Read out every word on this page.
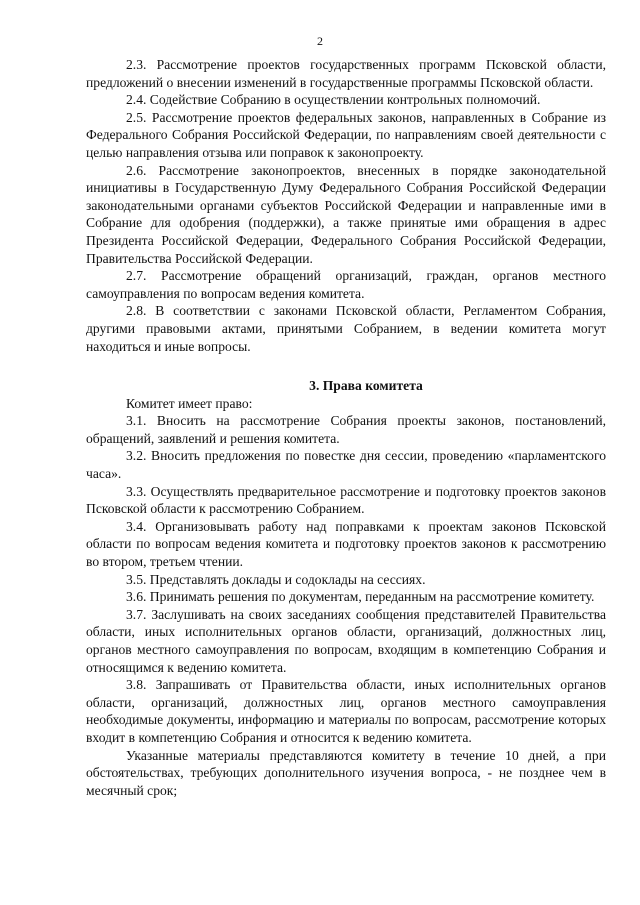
2

2.3. Рассмотрение проектов государственных программ Псковской области, предложений о внесении изменений в государственные программы Псковской области.

2.4. Содействие Собранию в осуществлении контрольных полномочий.

2.5. Рассмотрение проектов федеральных законов, направленных в Собрание из Федерального Собрания Российской Федерации, по направлениям своей деятельности с целью направления отзыва или поправок к законопроекту.

2.6. Рассмотрение законопроектов, внесенных в порядке законодательной инициативы в Государственную Думу Федерального Собрания Российской Федерации законодательными органами субъектов Российской Федерации и направленные ими в Собрание для одобрения (поддержки), а также принятые ими обращения в адрес Президента Российской Федерации, Федерального Собрания Российской Федерации, Правительства Российской Федерации.

2.7. Рассмотрение обращений организаций, граждан, органов местного самоуправления по вопросам ведения комитета.

2.8. В соответствии с законами Псковской области, Регламентом Собрания, другими правовыми актами, принятыми Собранием, в ведении комитета могут находиться и иные вопросы.

3. Права комитета

Комитет имеет право:

3.1. Вносить на рассмотрение Собрания проекты законов, постановлений, обращений, заявлений и решения комитета.

3.2. Вносить предложения по повестке дня сессии, проведению «парламентского часа».

3.3. Осуществлять предварительное рассмотрение и подготовку проектов законов Псковской области к рассмотрению Собранием.

3.4. Организовывать работу над поправками к проектам законов Псковской области по вопросам ведения комитета и подготовку проектов законов к рассмотрению во втором, третьем чтении.

3.5. Представлять доклады и содоклады на сессиях.

3.6. Принимать решения по документам, переданным на рассмотрение комитету.

3.7. Заслушивать на своих заседаниях сообщения представителей Правительства области, иных исполнительных органов области, организаций, должностных лиц, органов местного самоуправления по вопросам, входящим в компетенцию Собрания и относящимся к ведению комитета.

3.8. Запрашивать от Правительства области, иных исполнительных органов области, организаций, должностных лиц, органов местного самоуправления необходимые документы, информацию и материалы по вопросам, рассмотрение которых входит в компетенцию Собрания и относится к ведению комитета.

Указанные материалы представляются комитету в течение 10 дней, а при обстоятельствах, требующих дополнительного изучения вопроса, - не позднее чем в месячный срок;
